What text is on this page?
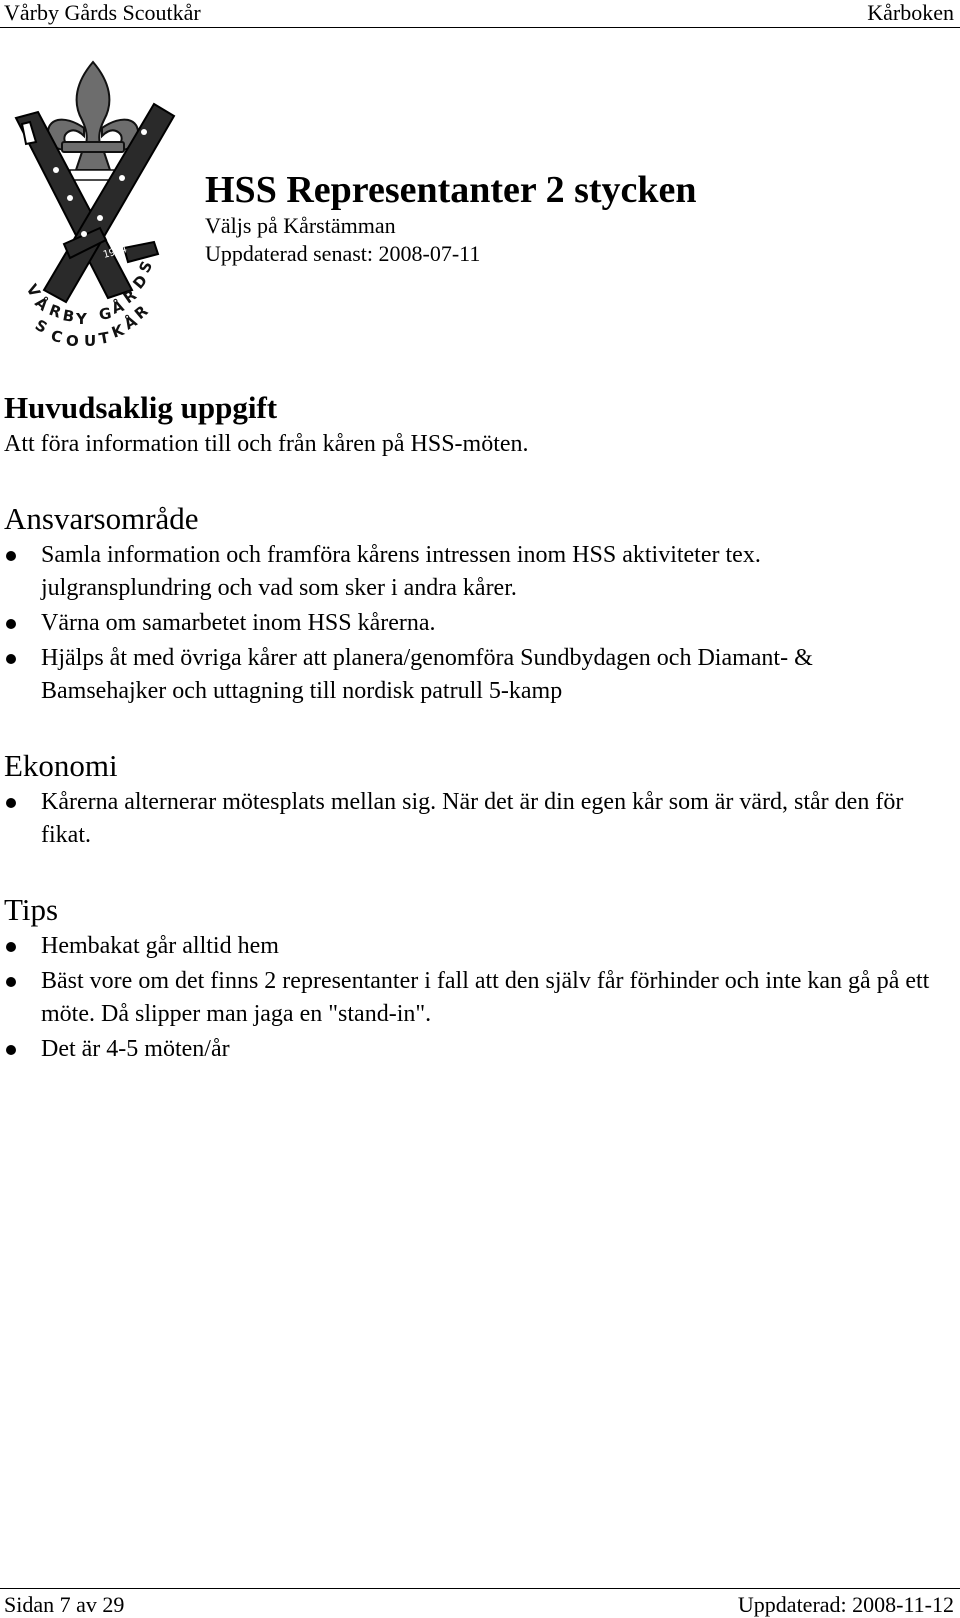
Vårby Gårds Scoutkår	Kårboken
1984
V
Å
R
B Y G
Å
R
D
S
S
C O U T
K
Å
R
HSS Representanter 2 stycken
Väljs på Kårstämman
Uppdaterad senast: 2008-07-11
Huvudsaklig uppgift

Att föra information till och från kåren på HSS-möten.

Ansvarsområde
Samla information och framföra kårens intressen inom HSS aktiviteter tex. julgransplundring och vad som sker i andra kårer.
Värna om samarbetet inom HSS kårerna.
Hjälps åt med övriga kårer att planera/genomföra Sundbydagen och Diamant- & Bamsehajker och uttagning till nordisk patrull 5-kamp
Ekonomi
Kårerna alternerar mötesplats mellan sig. När det är din egen kår som är värd, står den för fikat.
Tips
Hembakat går alltid hem
Bäst vore om det finns 2 representanter i fall att den själv får förhinder och inte kan gå på ett möte. Då slipper man jaga en "stand-in".
Det är 4-5 möten/år
Sidan 7 av 29	Uppdaterad: 2008-11-12
